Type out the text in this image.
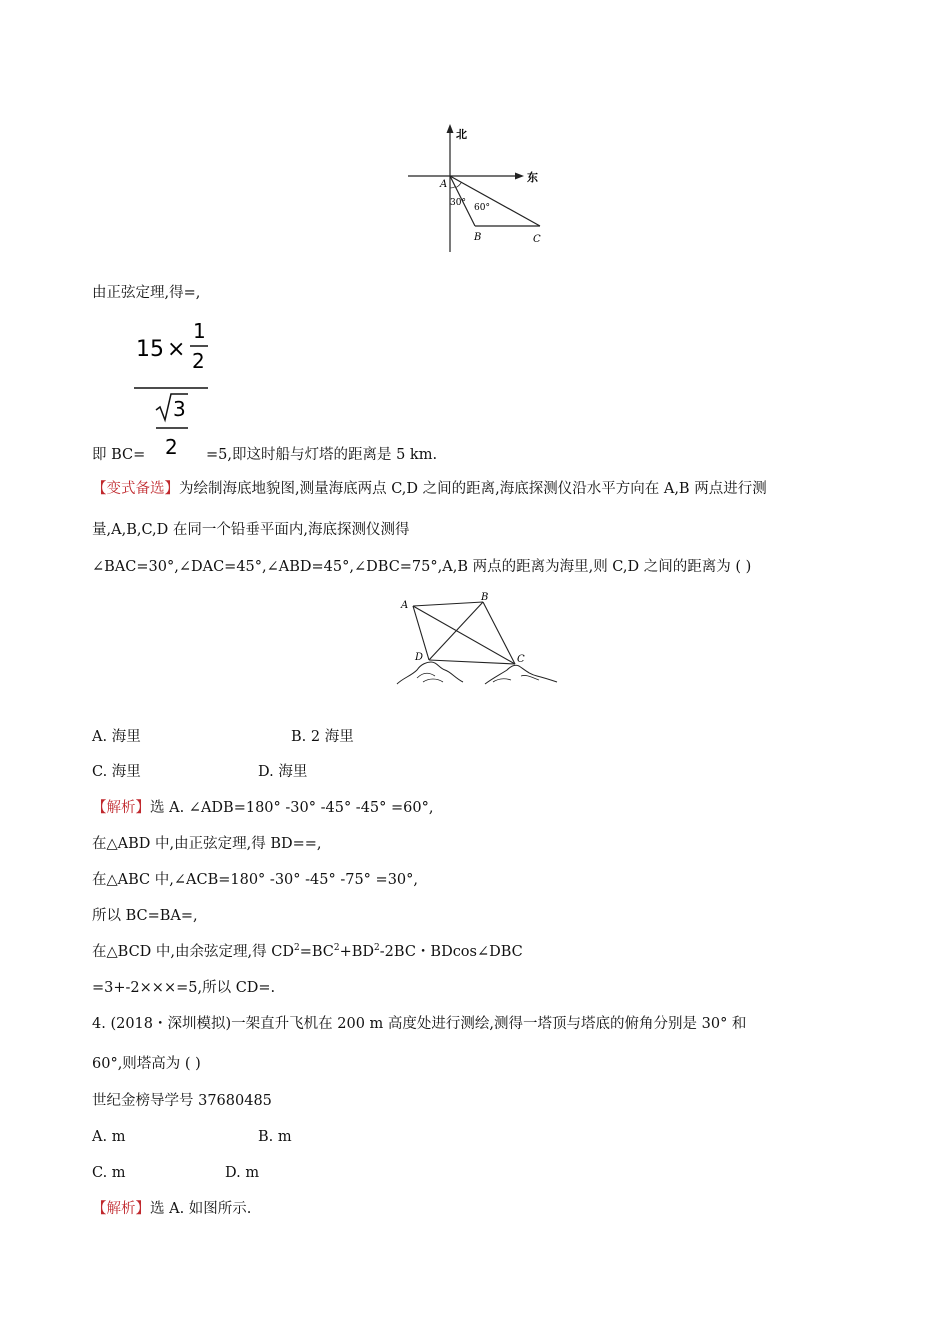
北
东
A
B	C
30° 60°
由正弦定理,得=,
15 ×
1
2
3
2
即 BC=	=5,即这时船与灯塔的距离是 5 km.
【变式备选】为绘制海底地貌图,测量海底两点 C,D 之间的距离,海底探测仪沿水平方向在 A,B 两点进行测
量,A,B,C,D 在同一个铅垂平面内,海底探测仪测得
∠BAC=30°,∠DAC=45°,∠ABD=45°,∠DBC=75°,A,B 两点的距离为海里,则 C,D 之间的距离为 ( )
A
B
C
D
A. 海里	B. 2 海里
C. 海里	D. 海里
【解析】选 A. ∠ADB=180° -30° -45° -45° =60°,
在△ABD 中,由正弦定理,得 BD==,
在△ABC 中,∠ACB=180° -30° -45° -75° =30°,
所以 BC=BA=,
在△BCD 中,由余弦定理,得 $CD^2=BC^2+BD^2-2BC$・BDcos∠DBC
=3+-2×××=5,所以 CD=.
4. (2018・深圳模拟)一架直升飞机在 200 m 高度处进行测绘,测得一塔顶与塔底的俯角分别是 30° 和
60°,则塔高为 ( )
世纪金榜导学号 37680485
A. m	B. m
C. m	D. m
【解析】选 A. 如图所示.
